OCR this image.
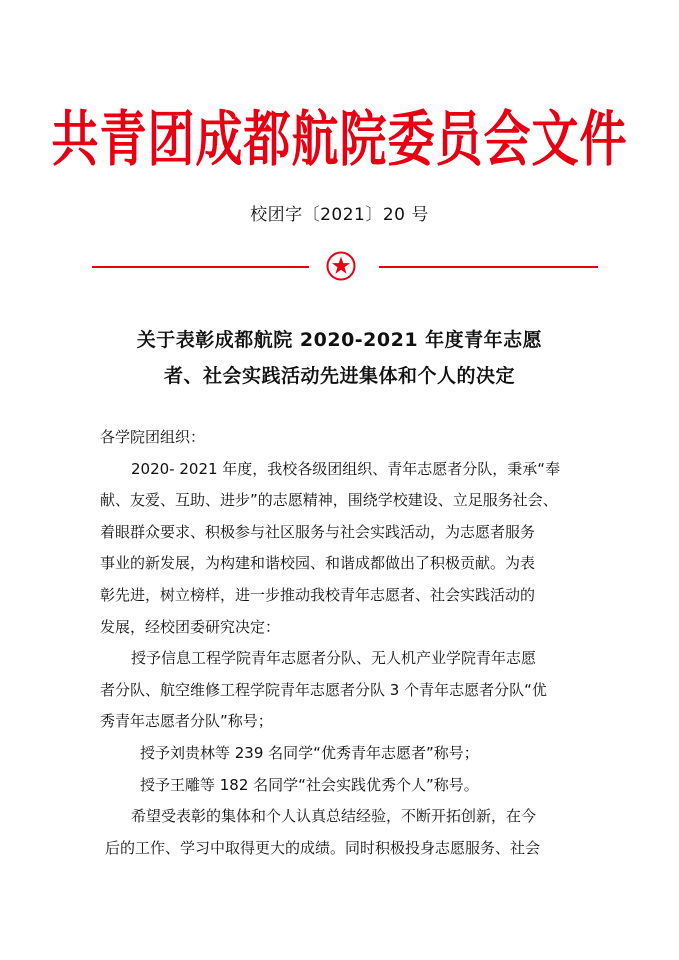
共青团成都航院委员会文件
校团字〔2021〕20 号
关于表彰成都航院 2020-2021 年度青年志愿
者、社会实践活动先进集体和个人的决定
各学院团组织：
2020- 2021 年度，我校各级团组织、青年志愿者分队，秉承“奉
献、友爱、互助、进步”的志愿精神，围绕学校建设、立足服务社会、
着眼群众要求、积极参与社区服务与社会实践活动，为志愿者服务
事业的新发展，为构建和谐校园、和谐成都做出了积极贡献。为表
彰先进，树立榜样，进一步推动我校青年志愿者、社会实践活动的
发展，经校团委研究决定：
授予信息工程学院青年志愿者分队、无人机产业学院青年志愿
者分队、航空维修工程学院青年志愿者分队 3 个青年志愿者分队“优
秀青年志愿者分队”称号；
授予刘贵林等 239 名同学“优秀青年志愿者”称号；
授予王雕等 182 名同学“社会实践优秀个人”称号。
希望受表彰的集体和个人认真总结经验，不断开拓创新，在今
后的工作、学习中取得更大的成绩。同时积极投身志愿服务、社会
